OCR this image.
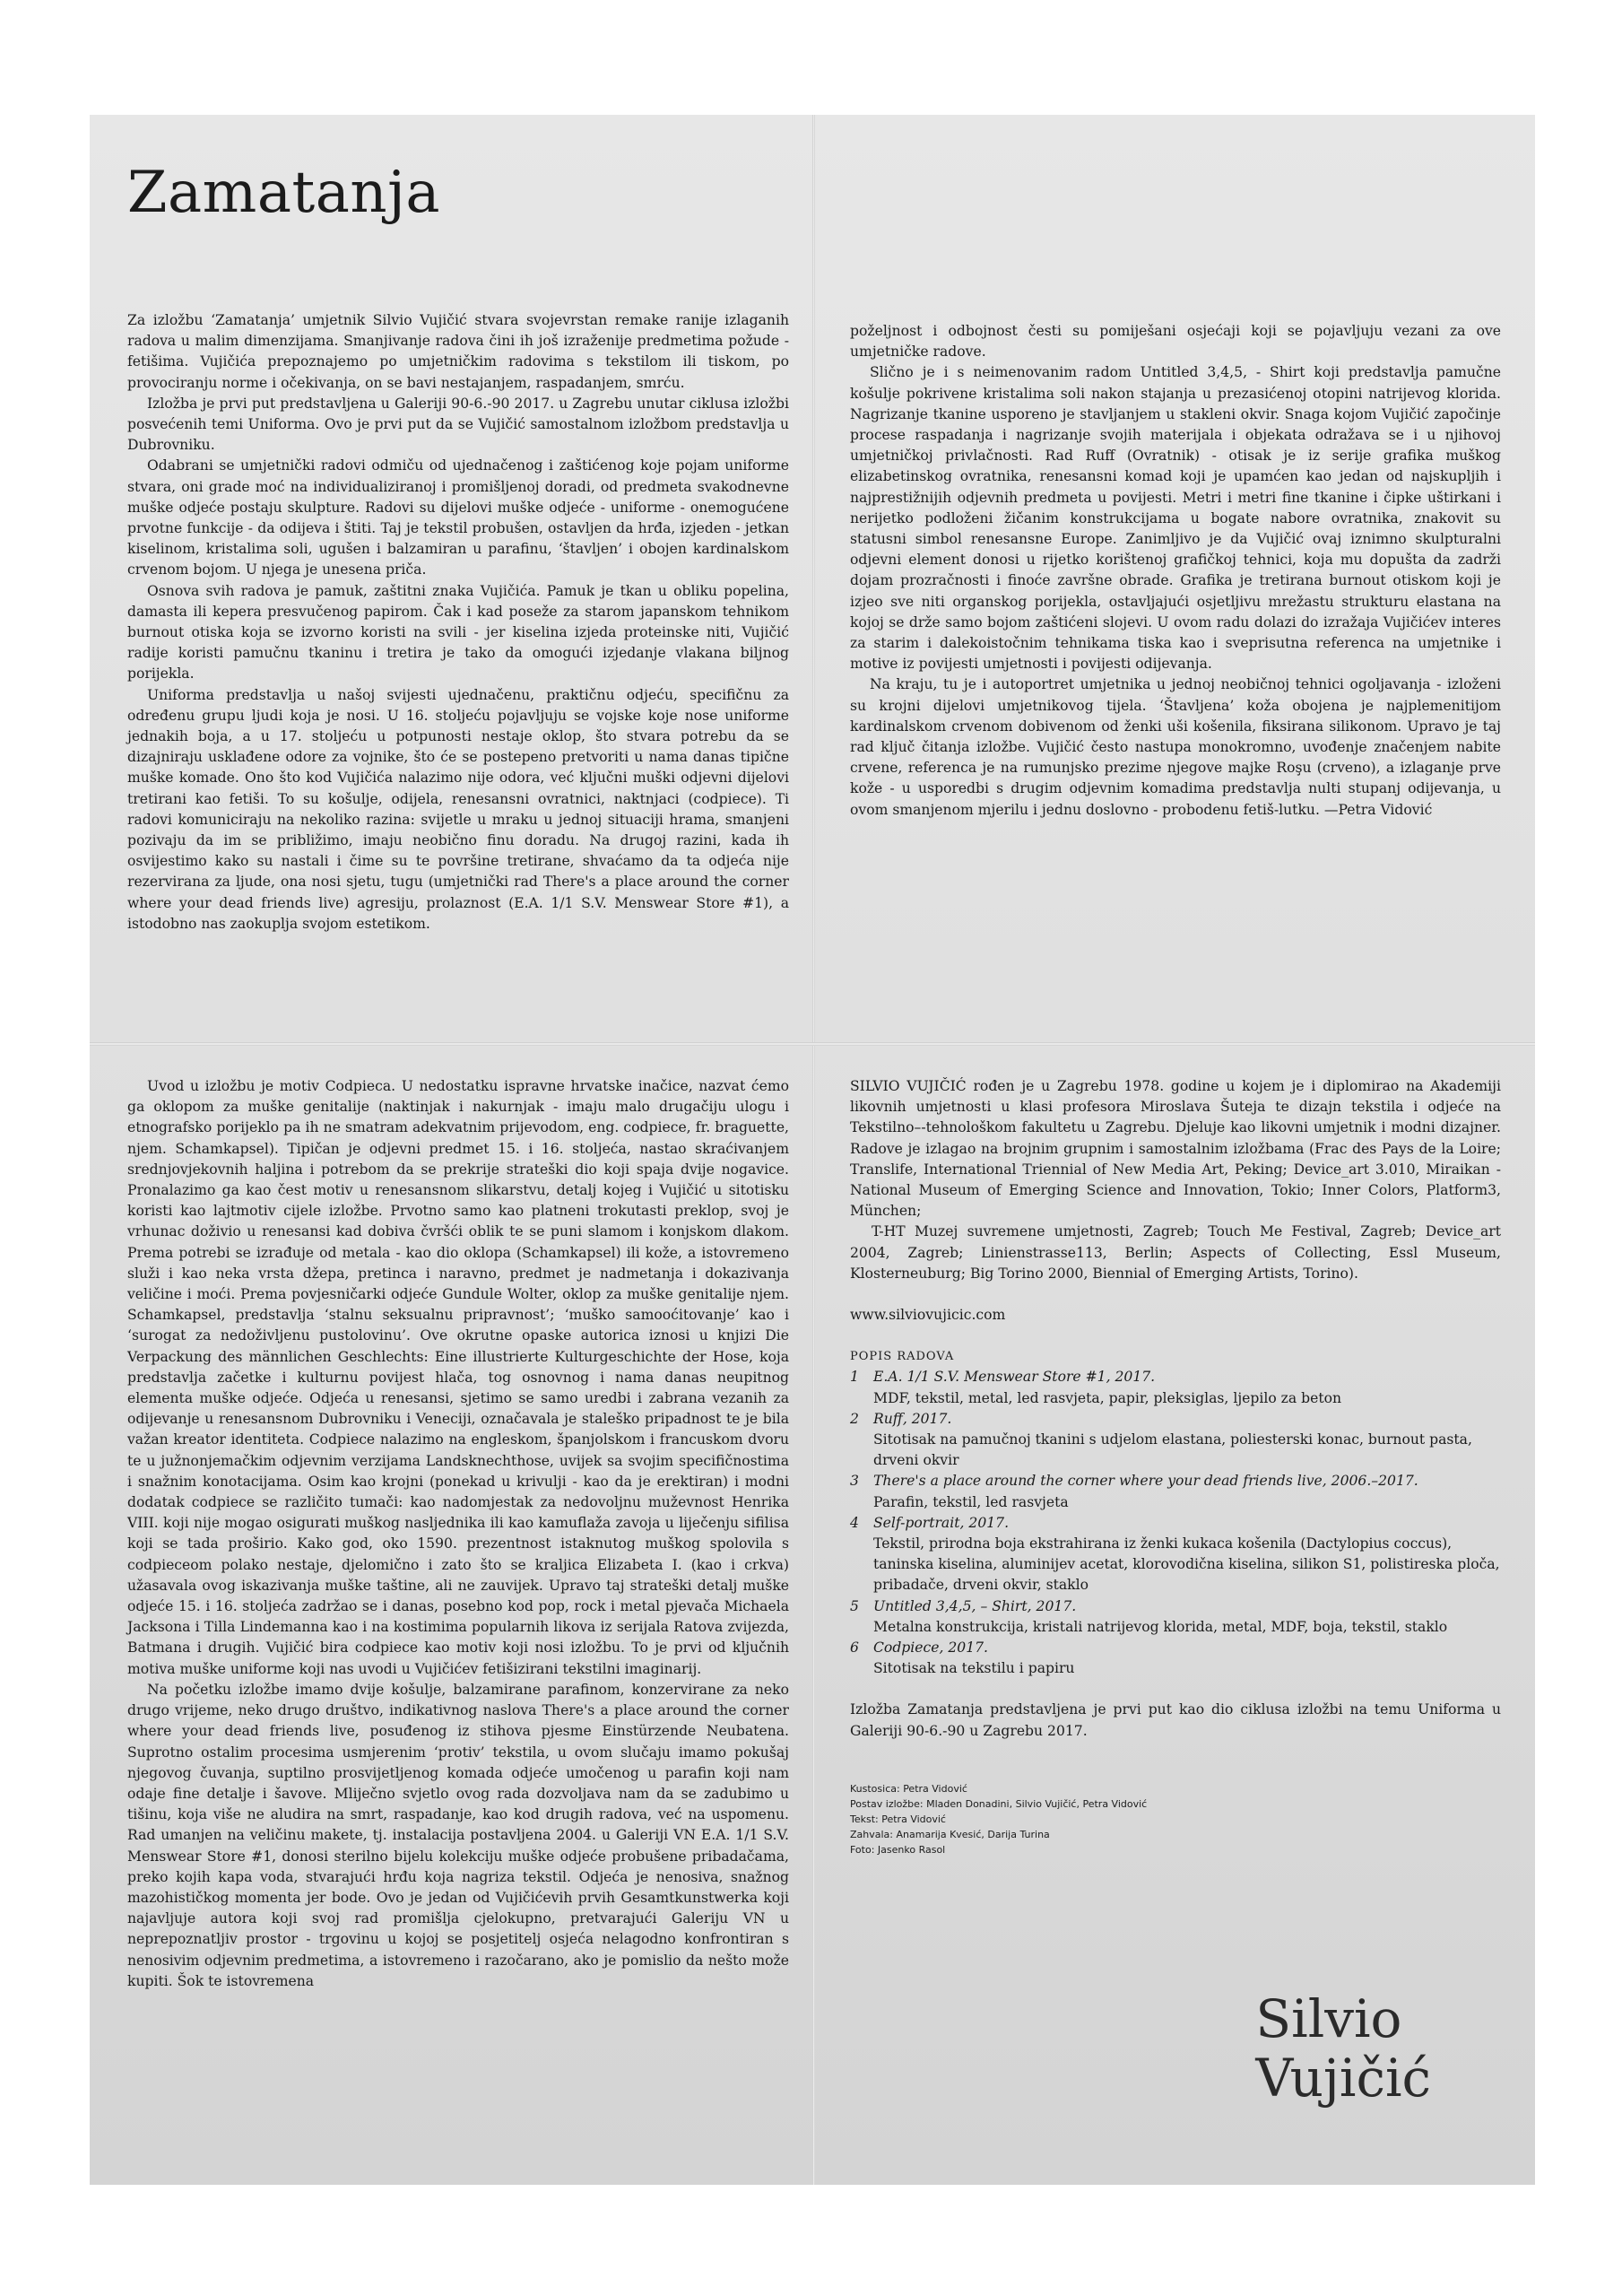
Zamatanja

Za izložbu ‘Zamatanja’ umjetnik Silvio Vujičić stvara svojevrstan remake ranije izlaganih radova u malim dimenzijama. Smanjivanje radova čini ih još izraženije predmetima požude - fetišima. Vujičića prepoznajemo po umjetničkim radovima s tekstilom ili tiskom, po provociranju norme i očekivanja, on se bavi nestajanjem, raspadanjem, smrću.

Izložba je prvi put predstavljena u Galeriji 90-6.-90 2017. u Zagrebu unutar ciklusa izložbi posvećenih temi Uniforma. Ovo je prvi put da se Vujičić samostalnom izložbom predstavlja u Dubrovniku.

Odabrani se umjetnički radovi odmiču od ujednačenog i zaštićenog koje pojam uniforme stvara, oni grade moć na individualiziranoj i promišljenoj doradi, od predmeta svakodnevne muške odjeće postaju skulpture. Radovi su dijelovi muške odjeće - uniforme - onemogućene prvotne funkcije - da odijeva i štiti. Taj je tekstil probušen, ostavljen da hrđa, izjeden - jetkan kiselinom, kristalima soli, ugušen i balzamiran u parafinu, ‘štavljen’ i obojen kardinalskom crvenom bojom. U njega je unesena priča.

Osnova svih radova je pamuk, zaštitni znaka Vujičića. Pamuk je tkan u obliku popelina, damasta ili kepera presvučenog papirom. Čak i kad poseže za starom japanskom tehnikom burnout otiska koja se izvorno koristi na svili - jer kiselina izjeda proteinske niti, Vujičić radije koristi pamučnu tkaninu i tretira je tako da omogući izjedanje vlakana biljnog porijekla.

Uniforma predstavlja u našoj svijesti ujednačenu, praktičnu odjeću, specifičnu za određenu grupu ljudi koja je nosi. U 16. stoljeću pojavljuju se vojske koje nose uniforme jednakih boja, a u 17. stoljeću u potpunosti nestaje oklop, što stvara potrebu da se dizajniraju usklađene odore za vojnike, što će se postepeno pretvoriti u nama danas tipične muške komade. Ono što kod Vujičića nalazimo nije odora, već ključni muški odjevni dijelovi tretirani kao fetiši. To su košulje, odijela, renesansni ovratnici, naktnjaci (codpiece). Ti radovi komuniciraju na nekoliko razina: svijetle u mraku u jednoj situaciji hrama, smanjeni pozivaju da im se približimo, imaju neobično finu doradu. Na drugoj razini, kada ih osvijestimo kako su nastali i čime su te površine tretirane, shvaćamo da ta odjeća nije rezervirana za ljude, ona nosi sjetu, tugu (umjetnički rad There's a place around the corner where your dead friends live) agresiju, prolaznost (E.A. 1/1 S.V. Menswear Store #1), a istodobno nas zaokuplja svojom estetikom.

poželjnost i odbojnost česti su pomiješani osjećaji koji se pojavljuju vezani za ove umjetničke radove.

Slično je i s neimenovanim radom Untitled 3,4,5, - Shirt koji predstavlja pamučne košulje pokrivene kristalima soli nakon stajanja u prezasićenoj otopini natrijevog klorida. Nagrizanje tkanine usporeno je stavljanjem u stakleni okvir. Snaga kojom Vujičić započinje procese raspadanja i nagrizanje svojih materijala i objekata odražava se i u njihovoj umjetničkoj privlačnosti. Rad Ruff (Ovratnik) - otisak je iz serije grafika muškog elizabetinskog ovratnika, renesansni komad koji je upamćen kao jedan od najskupljih i najprestižnijih odjevnih predmeta u povijesti. Metri i metri fine tkanine i čipke uštirkani i nerijetko podloženi žičanim konstrukcijama u bogate nabore ovratnika, znakovit su statusni simbol renesansne Europe. Zanimljivo je da Vujičić ovaj iznimno skulpturalni odjevni element donosi u rijetko korištenoj grafičkoj tehnici, koja mu dopušta da zadrži dojam prozračnosti i finoće završne obrade. Grafika je tretirana burnout otiskom koji je izjeo sve niti organskog porijekla, ostavljajući osjetljivu mrežastu strukturu elastana na kojoj se drže samo bojom zaštićeni slojevi. U ovom radu dolazi do izražaja Vujičićev interes za starim i dalekoistočnim tehnikama tiska kao i sveprisutna referenca na umjetnike i motive iz povijesti umjetnosti i povijesti odijevanja.

Na kraju, tu je i autoportret umjetnika u jednoj neobičnoj tehnici ogoljavanja - izloženi su krojni dijelovi umjetnikovog tijela. ‘Štavljena’ koža obojena je najplemenitijom kardinalskom crvenom dobivenom od ženki uši košenila, fiksirana silikonom. Upravo je taj rad ključ čitanja izložbe. Vujičić često nastupa monokromno, uvođenje značenjem nabite crvene, referenca je na rumunjsko prezime njegove majke Roşu (crveno), a izlaganje prve kože - u usporedbi s drugim odjevnim komadima predstavlja nulti stupanj odijevanja, u ovom smanjenom mjerilu i jednu doslovno - probodenu fetiš-lutku. —Petra Vidović

Uvod u izložbu je motiv Codpieca. U nedostatku ispravne hrvatske inačice, nazvat ćemo ga oklopom za muške genitalije (naktinjak i nakurnjak - imaju malo drugačiju ulogu i etnografsko porijeklo pa ih ne smatram adekvatnim prijevodom, eng. codpiece, fr. braguette, njem. Schamkapsel). Tipičan je odjevni predmet 15. i 16. stoljeća, nastao skraćivanjem srednjovjekovnih haljina i potrebom da se prekrije strateški dio koji spaja dvije nogavice. Pronalazimo ga kao čest motiv u renesansnom slikarstvu, detalj kojeg i Vujičić u sitotisku koristi kao lajtmotiv cijele izložbe. Prvotno samo kao platneni trokutasti preklop, svoj je vrhunac doživio u renesansi kad dobiva čvršći oblik te se puni slamom i konjskom dlakom. Prema potrebi se izrađuje od metala - kao dio oklopa (Schamkapsel) ili kože, a istovremeno služi i kao neka vrsta džepa, pretinca i naravno, predmet je nadmetanja i dokazivanja veličine i moći. Prema povjesničarki odjeće Gundule Wolter, oklop za muške genitalije njem. Schamkapsel, predstavlja ‘stalnu seksualnu pripravnost’; ‘muško samooćitovanje’ kao i ‘surogat za nedoživljenu pustolovinu’. Ove okrutne opaske autorica iznosi u knjizi Die Verpackung des männlichen Geschlechts: Eine illustrierte Kulturgeschichte der Hose, koja predstavlja začetke i kulturnu povijest hlača, tog osnovnog i nama danas neupitnog elementa muške odjeće. Odjeća u renesansi, sjetimo se samo uredbi i zabrana vezanih za odijevanje u renesansnom Dubrovniku i Veneciji, označavala je staleško pripadnost te je bila važan kreator identiteta. Codpiece nalazimo na engleskom, španjolskom i francuskom dvoru te u južnonjemačkim odjevnim verzijama Landsknechthose, uvijek sa svojim specifičnostima i snažnim konotacijama. Osim kao krojni (ponekad u krivulji - kao da je erektiran) i modni dodatak codpiece se različito tumači: kao nadomjestak za nedovoljnu muževnost Henrika VIII. koji nije mogao osigurati muškog nasljednika ili kao kamuflaža zavoja u liječenju sifilisa koji se tada proširio. Kako god, oko 1590. prezentnost istaknutog muškog spolovila s codpieceom polako nestaje, djelomično i zato što se kraljica Elizabeta I. (kao i crkva) užasavala ovog iskazivanja muške taštine, ali ne zauvijek. Upravo taj strateški detalj muške odjeće 15. i 16. stoljeća zadržao se i danas, posebno kod pop, rock i metal pjevača Michaela Jacksona i Tilla Lindemanna kao i na kostimima popularnih likova iz serijala Ratova zvijezda, Batmana i drugih. Vujičić bira codpiece kao motiv koji nosi izložbu. To je prvi od ključnih motiva muške uniforme koji nas uvodi u Vujičićev fetišizirani tekstilni imaginarij.

Na početku izložbe imamo dvije košulje, balzamirane parafinom, konzervirane za neko drugo vrijeme, neko drugo društvo, indikativnog naslova There's a place around the corner where your dead friends live, posuđenog iz stihova pjesme Einstürzende Neubatena. Suprotno ostalim procesima usmjerenim ‘protiv’ tekstila, u ovom slučaju imamo pokušaj njegovog čuvanja, suptilno prosvijetljenog komada odjeće umočenog u parafin koji nam odaje fine detalje i šavove. Mliječno svjetlo ovog rada dozvoljava nam da se zadubimo u tišinu, koja više ne aludira na smrt, raspadanje, kao kod drugih radova, već na uspomenu. Rad umanjen na veličinu makete, tj. instalacija postavljena 2004. u Galeriji VN E.A. 1/1 S.V. Menswear Store #1, donosi sterilno bijelu kolekciju muške odjeće probušene pribadačama, preko kojih kapa voda, stvarajući hrđu koja nagriza tekstil. Odjeća je nenosiva, snažnog mazohističkog momenta jer bode. Ovo je jedan od Vujičićevih prvih Gesamtkunstwerka koji najavljuje autora koji svoj rad promišlja cjelokupno, pretvarajući Galeriju VN u neprepoznatljiv prostor - trgovinu u kojoj se posjetitelj osjeća nelagodno konfrontiran s nenosivim odjevnim predmetima, a istovremeno i razočarano, ako je pomislio da nešto može kupiti. Šok te istovremena

SILVIO VUJIČIĆ rođen je u Zagrebu 1978. godine u kojem je i diplomirao na Akademiji likovnih umjetnosti u klasi profesora Miroslava Šuteja te dizajn tekstila i odjeće na Tekstilno–-tehnološkom fakultetu u Zagrebu. Djeluje kao likovni umjetnik i modni dizajner. Radove je izlagao na brojnim grupnim i samostalnim izložbama (Frac des Pays de la Loire; Translife, International Triennial of New Media Art, Peking; Device_art 3.010, Miraikan - National Museum of Emerging Science and Innovation, Tokio; Inner Colors, Platform3, München;

T-HT Muzej suvremene umjetnosti, Zagreb; Touch Me Festival, Zagreb; Device_art 2004, Zagreb; Linienstrasse113, Berlin; Aspects of Collecting, Essl Museum, Klosterneuburg; Big Torino 2000, Biennial of Emerging Artists, Torino).

www.silviovujicic.com

POPIS RADOVA

1	E.A. 1/1 S.V. Menswear Store #1, 2017.
MDF, tekstil, metal, led rasvjeta, papir, pleksiglas, ljepilo za beton
2	Ruff, 2017.
Sitotisak na pamučnoj tkanini s udjelom elastana, poliesterski konac, burnout pasta, drveni okvir
3	There's a place around the corner where your dead friends live, 2006.–2017.
Parafin, tekstil, led rasvjeta
4	Self-portrait, 2017.
Tekstil, prirodna boja ekstrahirana iz ženki kukaca košenila (Dactylopius coccus), taninska kiselina, aluminijev acetat, klorovodična kiselina, silikon S1, polistireska ploča, pribadače, drveni okvir, staklo
5	Untitled 3,4,5, – Shirt, 2017.
Metalna konstrukcija, kristali natrijevog klorida, metal, MDF, boja, tekstil, staklo
6	Codpiece, 2017.
Sitotisak na tekstilu i papiru

Izložba Zamatanja predstavljena je prvi put kao dio ciklusa izložbi na temu Uniforma u Galeriji 90-6.-90 u Zagrebu 2017.

Kustosica: Petra Vidović
Postav izložbe: Mladen Donadini, Silvio Vujičić, Petra Vidović
Tekst: Petra Vidović
Zahvala: Anamarija Kvesić, Darija Turina
Foto: Jasenko Rasol
Silvio
Vujičić
